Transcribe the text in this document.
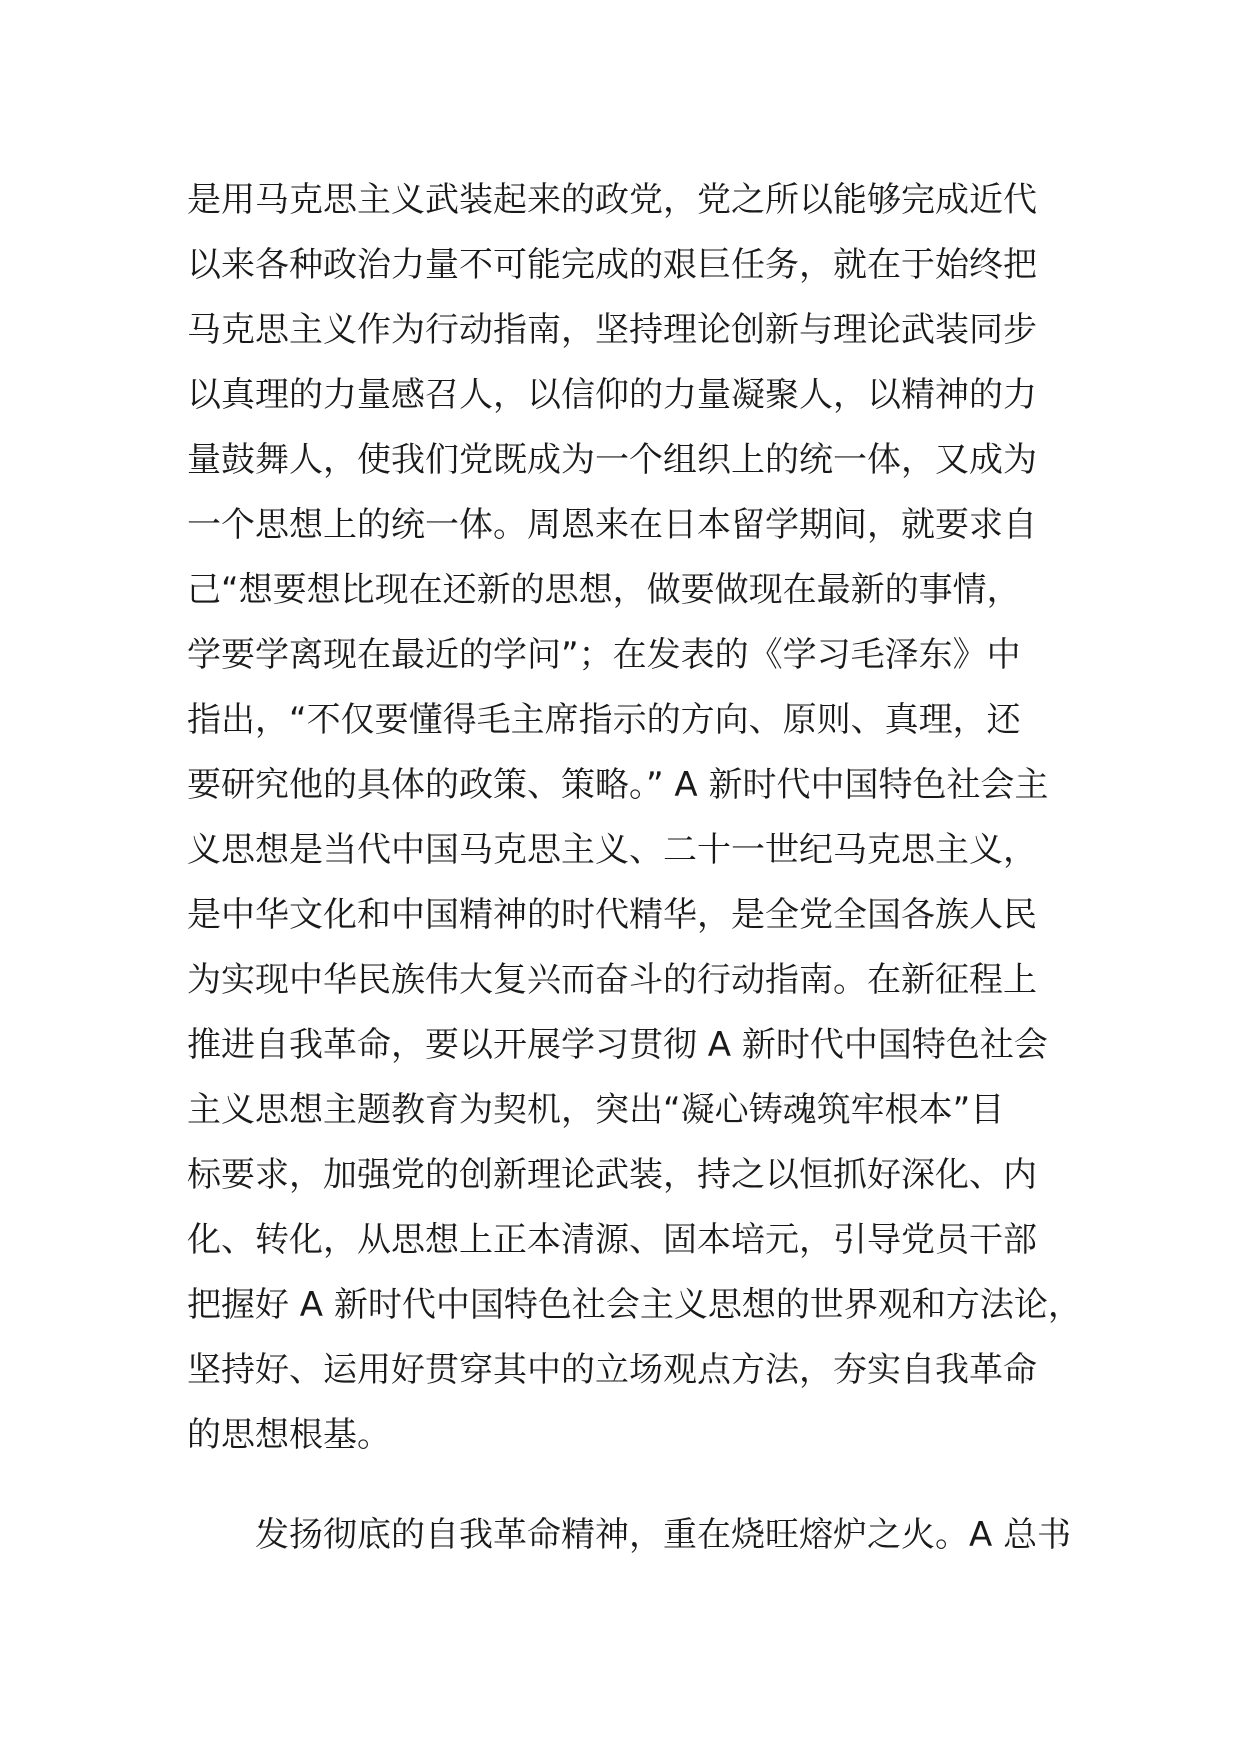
是用马克思主义武装起来的政党，党之所以能够完成近代
以来各种政治力量不可能完成的艰巨任务，就在于始终把
马克思主义作为行动指南，坚持理论创新与理论武装同步
以真理的力量感召人，以信仰的力量凝聚人，以精神的力
量鼓舞人，使我们党既成为一个组织上的统一体，又成为
一个思想上的统一体。周恩来在日本留学期间，就要求自
己“想要想比现在还新的思想，做要做现在最新的事情，
学要学离现在最近的学问”；在发表的《学习毛泽东》中
指出，“不仅要懂得毛主席指示的方向、原则、真理，还
要研究他的具体的政策、策略。” A 新时代中国特色社会主
义思想是当代中国马克思主义、二十一世纪马克思主义，
是中华文化和中国精神的时代精华，是全党全国各族人民
为实现中华民族伟大复兴而奋斗的行动指南。在新征程上
推进自我革命，要以开展学习贯彻 A 新时代中国特色社会
主义思想主题教育为契机，突出“凝心铸魂筑牢根本”目
标要求，加强党的创新理论武装，持之以恒抓好深化、内
化、转化，从思想上正本清源、固本培元，引导党员干部
把握好 A 新时代中国特色社会主义思想的世界观和方法论，
坚持好、运用好贯穿其中的立场观点方法，夯实自我革命
的思想根基。
发扬彻底的自我革命精神，重在烧旺熔炉之火。A 总书
